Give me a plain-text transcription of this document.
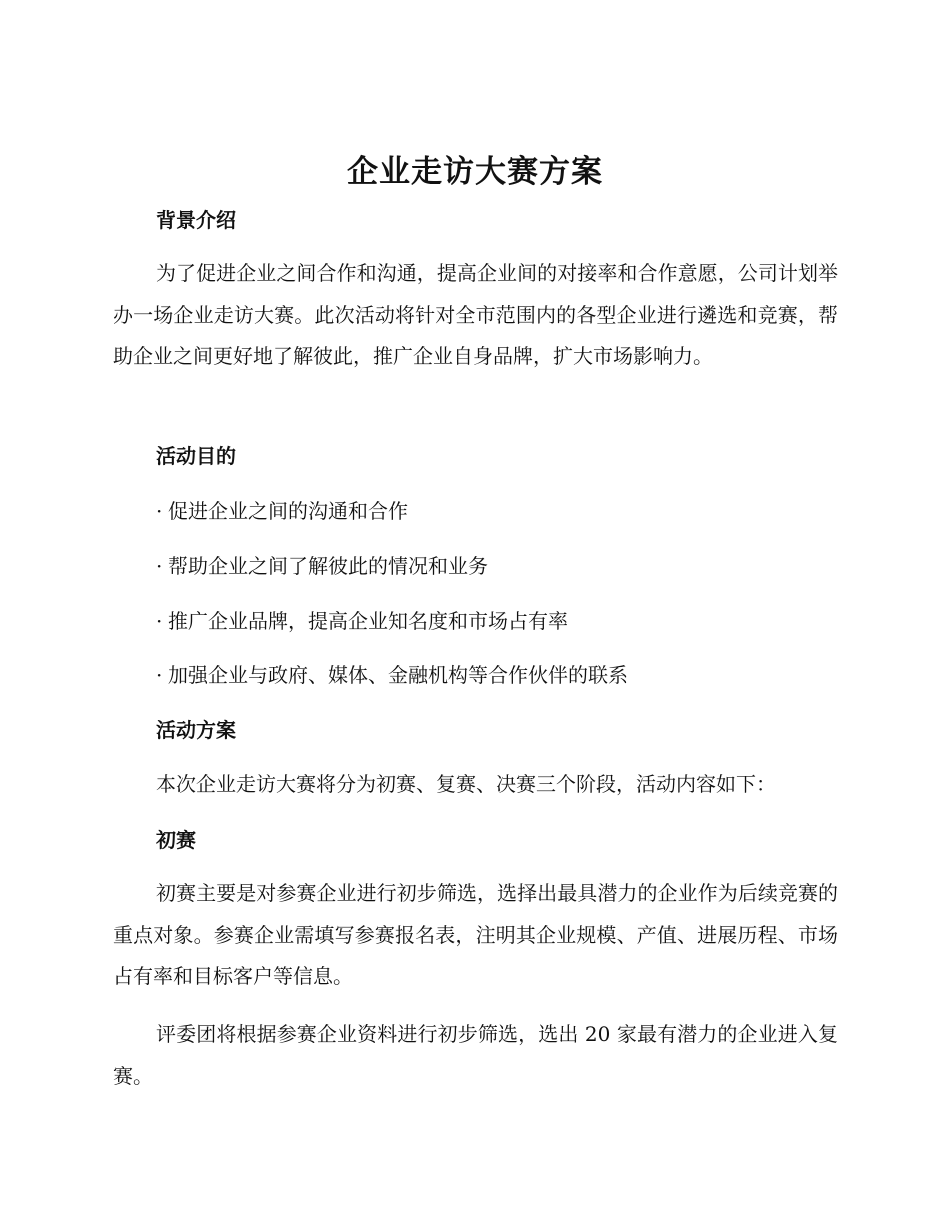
企业走访大赛方案
背景介绍
为了促进企业之间合作和沟通，提高企业间的对接率和合作意愿，公司计划举办一场企业走访大赛。此次活动将针对全市范围内的各型企业进行遴选和竞赛，帮助企业之间更好地了解彼此，推广企业自身品牌，扩大市场影响力。
活动目的
· 促进企业之间的沟通和合作
· 帮助企业之间了解彼此的情况和业务
· 推广企业品牌，提高企业知名度和市场占有率
· 加强企业与政府、媒体、金融机构等合作伙伴的联系
活动方案
本次企业走访大赛将分为初赛、复赛、决赛三个阶段，活动内容如下：
初赛
初赛主要是对参赛企业进行初步筛选，选择出最具潜力的企业作为后续竞赛的重点对象。参赛企业需填写参赛报名表，注明其企业规模、产值、进展历程、市场占有率和目标客户等信息。
评委团将根据参赛企业资料进行初步筛选，选出 20 家最有潜力的企业进入复赛。
